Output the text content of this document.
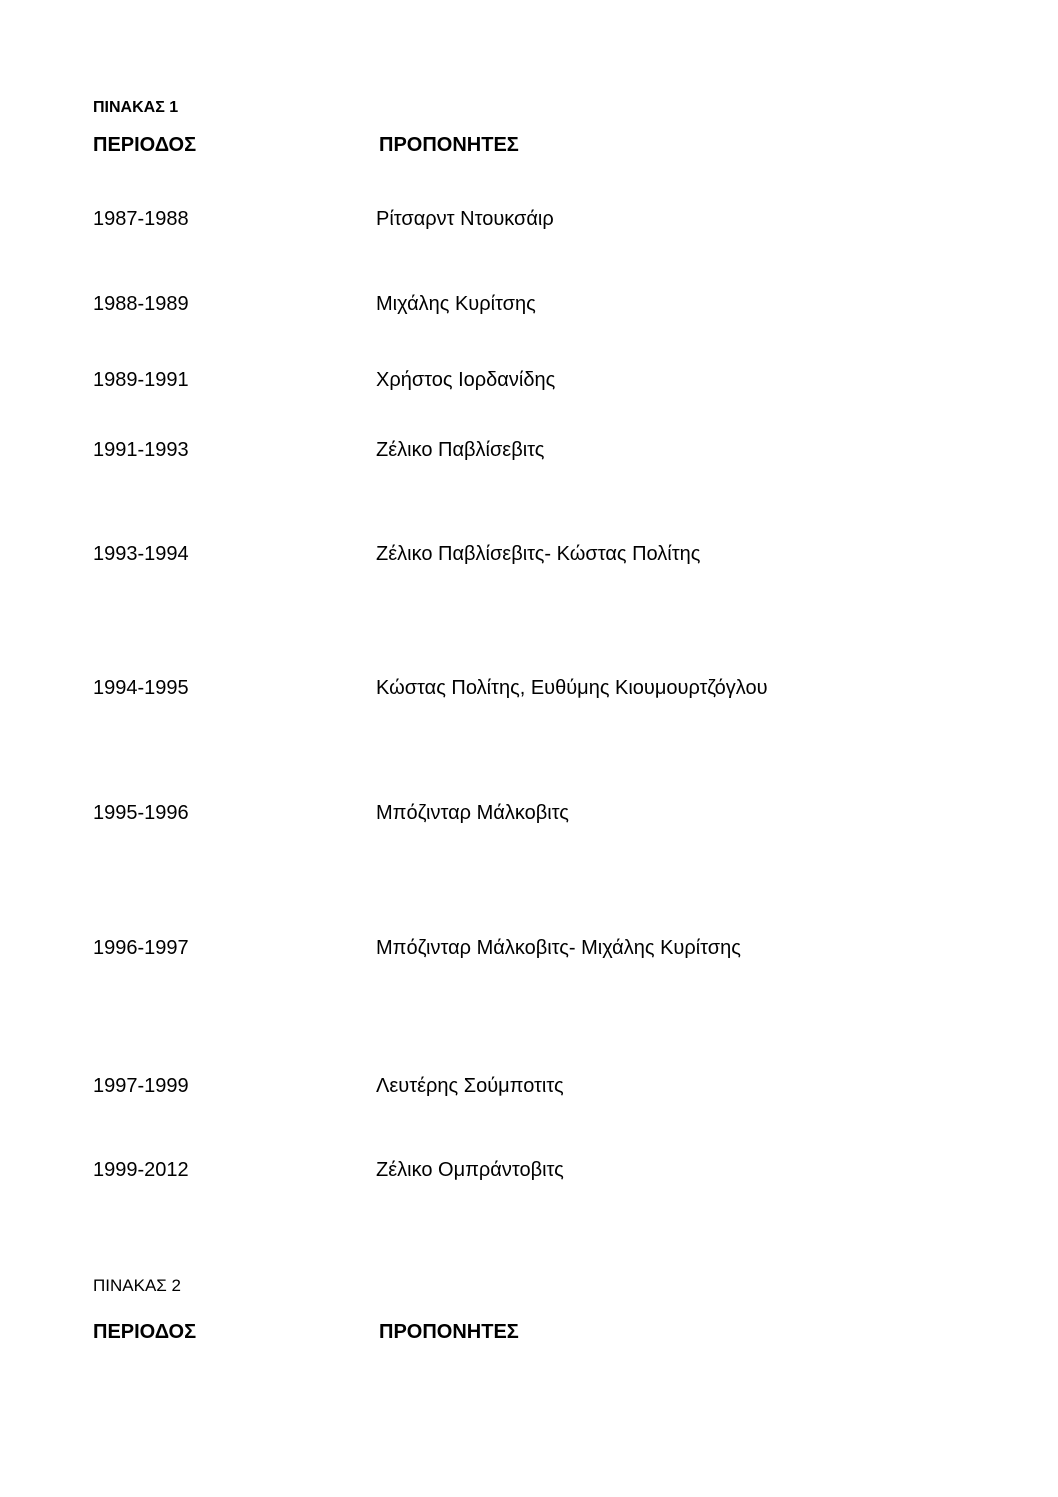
ΠΙΝΑΚΑΣ 1
ΠΕΡΙΟΔΟΣ	ΠΡΟΠΟΝΗΤΕΣ
1987-1988	Ρίτσαρντ Ντουκσάιρ
1988-1989	Μιχάλης Κυρίτσης
1989-1991	Χρήστος Ιορδανίδης
1991-1993	Ζέλικο Παβλίσεβιτς
1993-1994	Ζέλικο Παβλίσεβιτς- Κώστας Πολίτης
1994-1995	Κώστας Πολίτης, Ευθύμης Κιουμουρτζόγλου
1995-1996	Μπόζινταρ Μάλκοβιτς
1996-1997	Μπόζινταρ Μάλκοβιτς- Μιχάλης Κυρίτσης
1997-1999	Λευτέρης Σούμποτιτς
1999-2012	Ζέλικο Ομπράντοβιτς
ΠΙΝΑΚΑΣ 2
ΠΕΡΙΟΔΟΣ	ΠΡΟΠΟΝΗΤΕΣ
